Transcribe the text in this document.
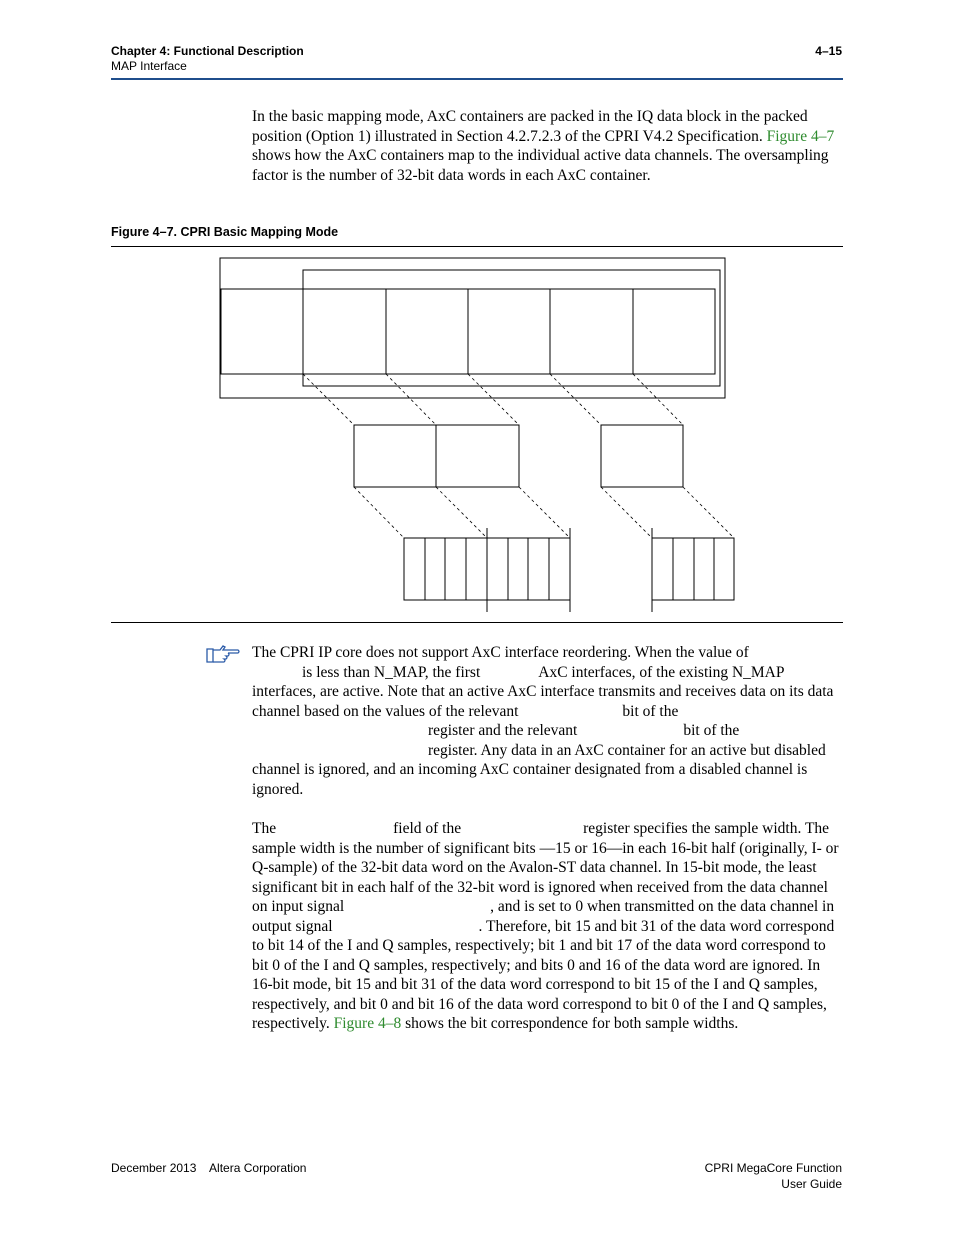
Chapter 4: Functional Description
MAP Interface
4–15
In the basic mapping mode, AxC containers are packed in the IQ data block in the packed position (Option 1) illustrated in Section 4.2.7.2.3 of the CPRI V4.2 Specification. Figure 4–7 shows how the AxC containers map to the individual active data channels. The oversampling factor is the number of 32-bit data words in each AxC container.
Figure 4–7. CPRI Basic Mapping Mode
The CPRI IP core does not support AxC interface reordering. When the value of
is less than N_MAP, the first	AxC interfaces, of the existing N_MAP interfaces, are active. Note that an active AxC interface transmits and receives data on its data channel based on the values of the relevant	bit of the
register and the relevant	bit of the
register. Any data in an AxC container for an active but disabled channel is ignored, and an incoming AxC container designated from a disabled channel is ignored.
The	field of the	register specifies the sample width. The sample width is the number of significant bits —15 or 16—in each 16-bit half (originally, I- or Q-sample) of the 32-bit data word on the Avalon-ST data channel. In 15-bit mode, the least significant bit in each half of the 32-bit word is ignored when received from the data channel on input signal	, and is set to 0 when transmitted on the data channel in output signal	. Therefore, bit 15 and bit 31 of the data word correspond to bit 14 of the I and Q samples, respectively; bit 1 and bit 17 of the data word correspond to bit 0 of the I and Q samples, respectively; and bits 0 and 16 of the data word are ignored. In 16-bit mode, bit 15 and bit 31 of the data word correspond to bit 15 of the I and Q samples, respectively, and bit 0 and bit 16 of the data word correspond to bit 0 of the I and Q samples, respectively. Figure 4–8 shows the bit correspondence for both sample widths.
December 2013    Altera Corporation	CPRI MegaCore Function
User Guide
